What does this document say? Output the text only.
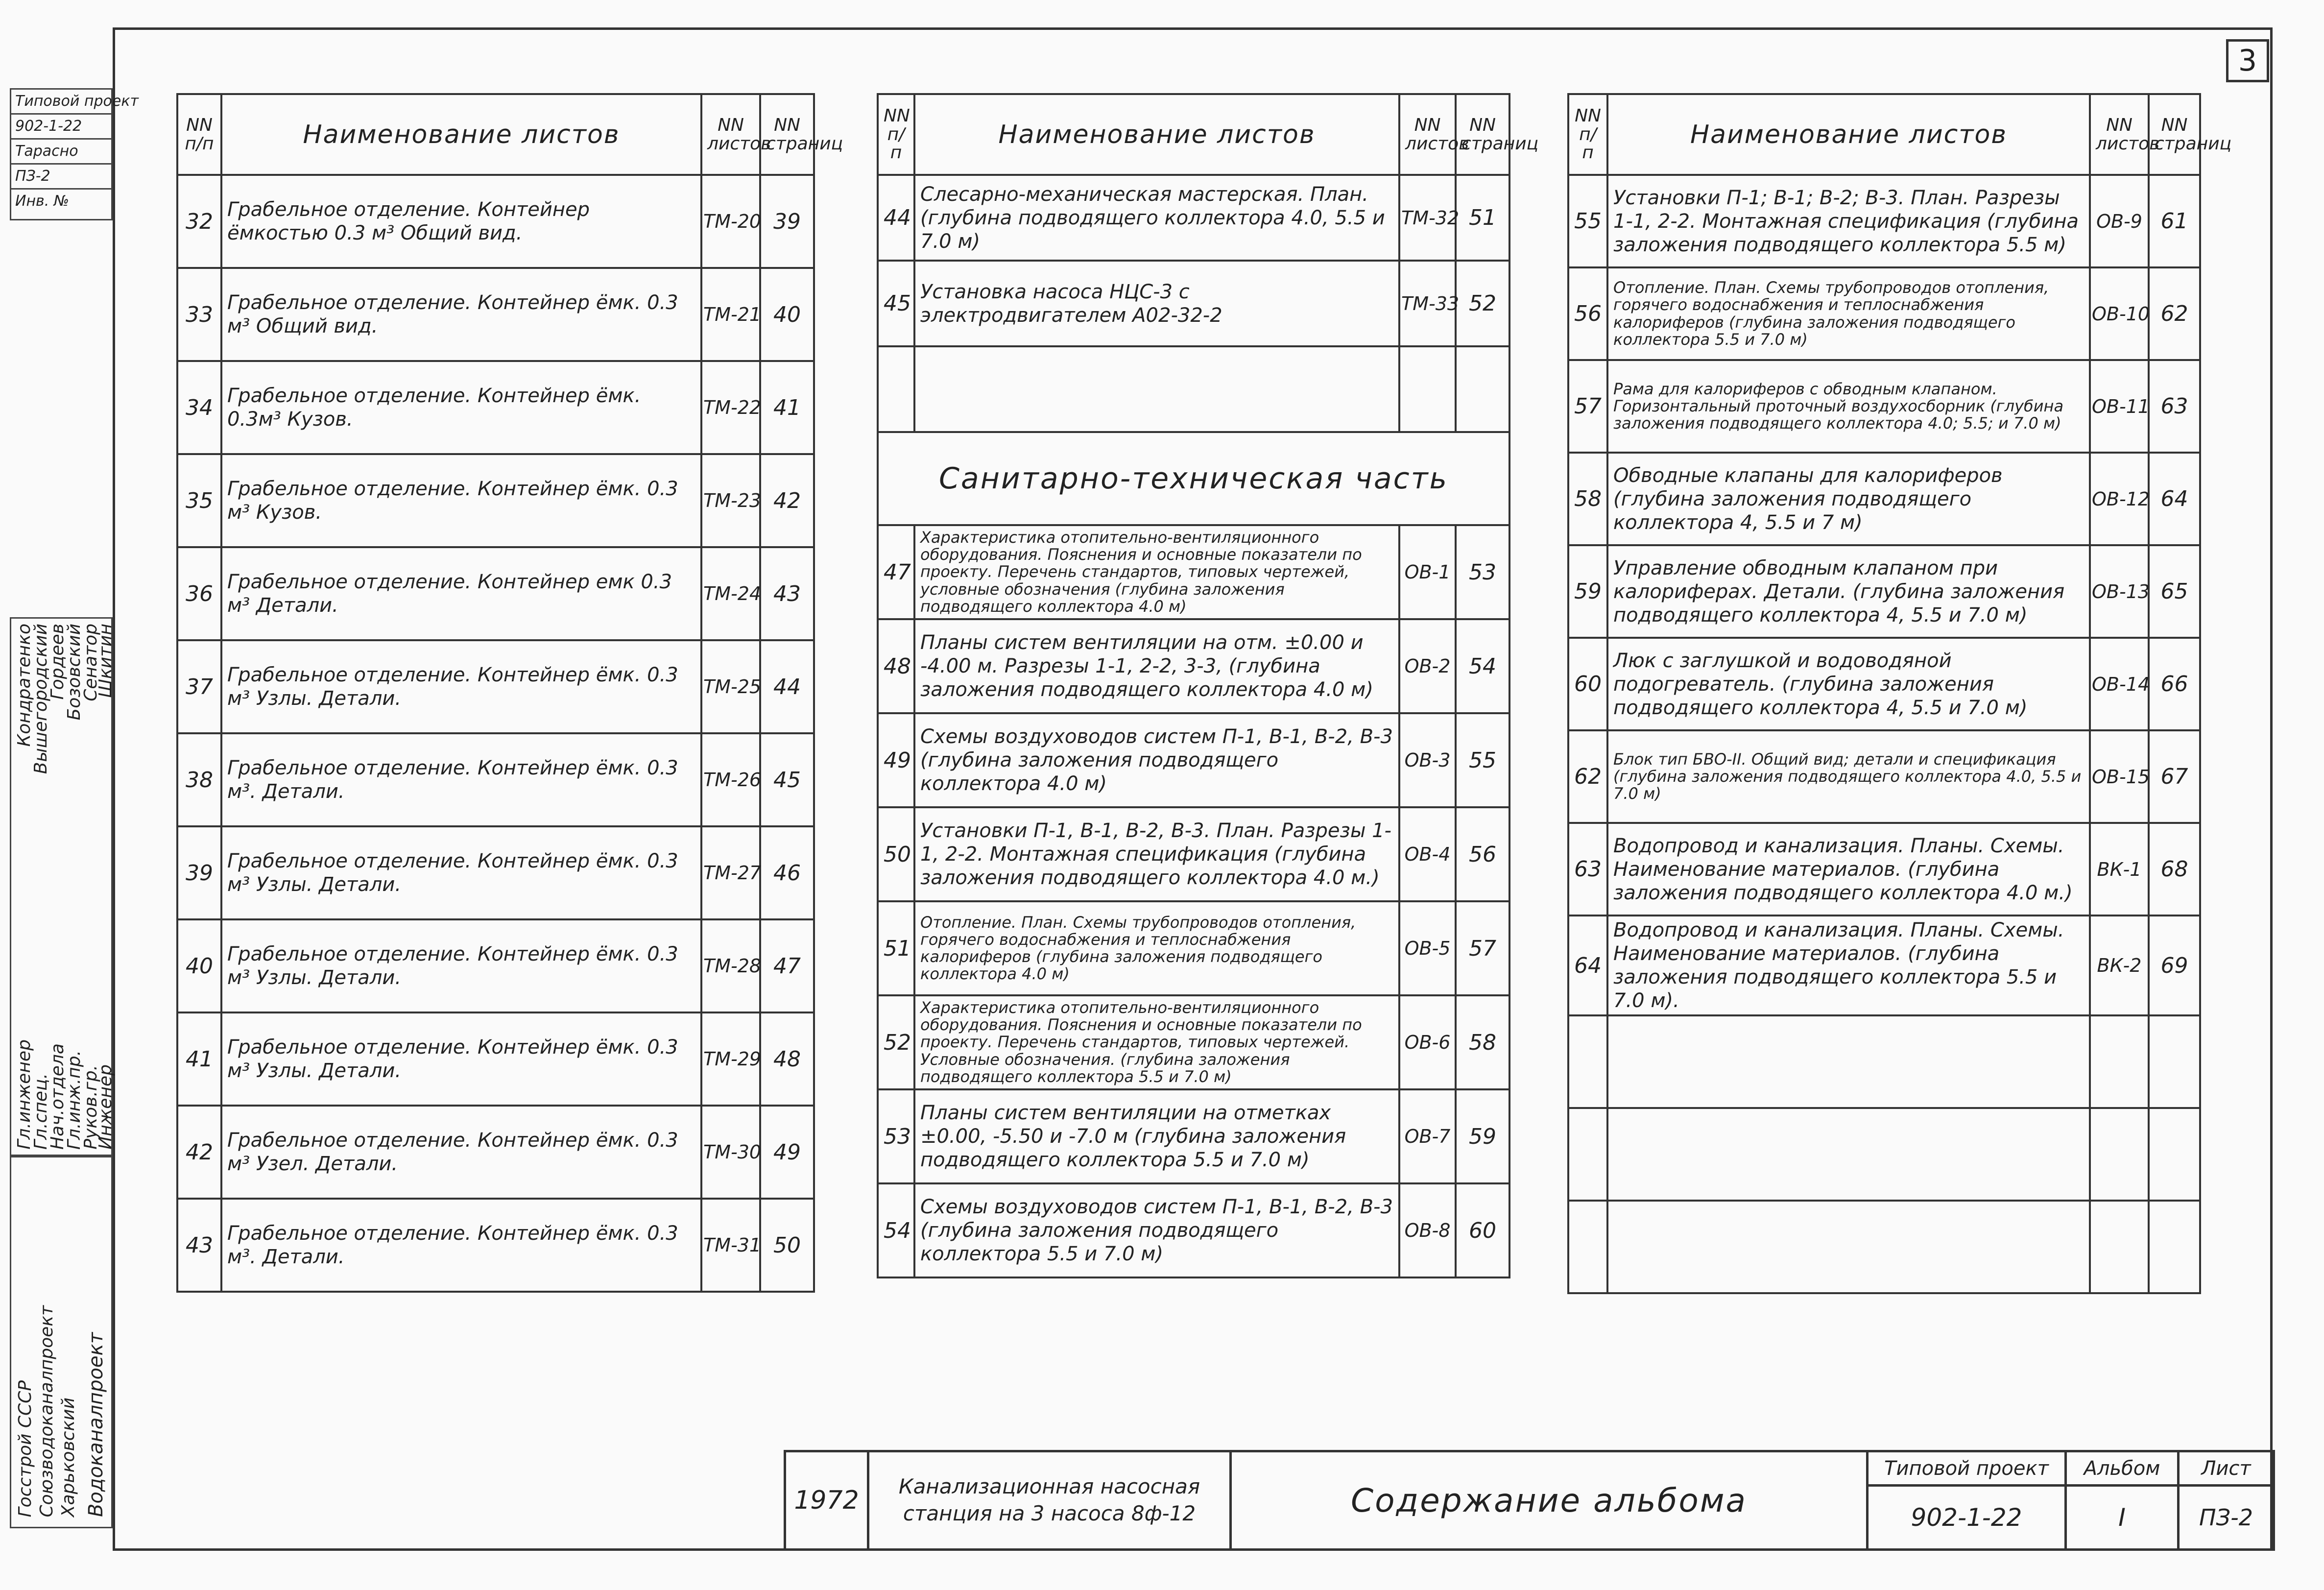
3
Типовой проект
902-1-22
Тарасно
ПЗ-2
Инв. №
Гл.инженер
Гл.спец.
Нач.отдела
Гл.инж.пр.
Руков.гр.
Инженер
Кондратенко
Вышегородский
Гордеев
Бозовский
Сенатор
Шкитин
Госстрой СССР Союзводоканалпроект Харьковский Водоканалпроект
NN п/п	Наименование листов	NN листов	NN страниц
32	Грабельное отделение. Контейнер ёмкостью 0.3 м³ Общий вид.	ТМ-20	39
33	Грабельное отделение. Контейнер ёмк. 0.3 м³ Общий вид.	ТМ-21	40
34	Грабельное отделение. Контейнер ёмк. 0.3м³ Кузов.	ТМ-22	41
35	Грабельное отделение. Контейнер ёмк. 0.3 м³ Кузов.	ТМ-23	42
36	Грабельное отделение. Контейнер емк 0.3 м³ Детали.	ТМ-24	43
37	Грабельное отделение. Контейнер ёмк. 0.3 м³ Узлы. Детали.	ТМ-25	44
38	Грабельное отделение. Контейнер ёмк. 0.3 м³. Детали.	ТМ-26	45
39	Грабельное отделение. Контейнер ёмк. 0.3 м³ Узлы. Детали.	ТМ-27	46
40	Грабельное отделение. Контейнер ёмк. 0.3 м³ Узлы. Детали.	ТМ-28	47
41	Грабельное отделение. Контейнер ёмк. 0.3 м³ Узлы. Детали.	ТМ-29	48
42	Грабельное отделение. Контейнер ёмк. 0.3 м³ Узел. Детали.	ТМ-30	49
43	Грабельное отделение. Контейнер ёмк. 0.3 м³. Детали.	ТМ-31	50
NN п/п	Наименование листов	NN листов	NN страниц
44	Слесарно-механическая мастерская. План. (глубина подводящего коллектора 4.0, 5.5 и 7.0 м)	ТМ-32	51
45	Установка насоса НЦС-3 с электродвигателем А02-32-2	ТМ-33	52

Санитарно-техническая часть			
47	Характеристика отопительно-вентиляционного оборудования. Пояснения и основные показатели по проекту. Перечень стандартов, типовых чертежей, условные обозначения (глубина заложения подводящего коллектора 4.0 м)	ОВ-1	53
48	Планы систем вентиляции на отм. ±0.00 и -4.00 м. Разрезы 1-1, 2-2, 3-3, (глубина заложения подводящего коллектора 4.0 м)	ОВ-2	54
49	Схемы воздуховодов систем П-1, В-1, В-2, В-3 (глубина заложения подводящего коллектора 4.0 м)	ОВ-3	55
50	Установки П-1, В-1, В-2, В-3. План. Разрезы 1-1, 2-2. Монтажная спецификация (глубина заложения подводящего коллектора 4.0 м.)	ОВ-4	56
51	Отопление. План. Схемы трубопроводов отопления, горячего водоснабжения и теплоснабжения калориферов (глубина заложения подводящего коллектора 4.0 м)	ОВ-5	57
52	Характеристика отопительно-вентиляционного оборудования. Пояснения и основные показатели по проекту. Перечень стандартов, типовых чертежей. Условные обозначения. (глубина заложения подводящего коллектора 5.5 и 7.0 м)	ОВ-6	58
53	Планы систем вентиляции на отметках ±0.00, -5.50 и -7.0 м (глубина заложения подводящего коллектора 5.5 и 7.0 м)	ОВ-7	59
54	Схемы воздуховодов систем П-1, В-1, В-2, В-3 (глубина заложения подводящего коллектора 5.5 и 7.0 м)	ОВ-8	60
NN п/п	Наименование листов	NN листов	NN страниц
55	Установки П-1; В-1; В-2; В-3. План. Разрезы 1-1, 2-2. Монтажная спецификация (глубина заложения подводящего коллектора 5.5 м)	ОВ-9	61
56	Отопление. План. Схемы трубопроводов отопления, горячего водоснабжения и теплоснабжения калориферов (глубина заложения подводящего коллектора 5.5 и 7.0 м)	ОВ-10	62
57	Рама для калориферов с обводным клапаном. Горизонтальный проточный воздухосборник (глубина заложения подводящего коллектора 4.0; 5.5; и 7.0 м)	ОВ-11	63
58	Обводные клапаны для калориферов (глубина заложения подводящего коллектора 4, 5.5 и 7 м)	ОВ-12	64
59	Управление обводным клапаном при калориферах. Детали. (глубина заложения подводящего коллектора 4, 5.5 и 7.0 м)	ОВ-13	65
60	Люк с заглушкой и водоводяной подогреватель. (глубина заложения подводящего коллектора 4, 5.5 и 7.0 м)	ОВ-14	66
62	Блок тип БВО-II. Общий вид; детали и спецификация (глубина заложения подводящего коллектора 4.0, 5.5 и 7.0 м)	ОВ-15	67
63	Водопровод и канализация. Планы. Схемы. Наименование материалов. (глубина заложения подводящего коллектора 4.0 м.)	ВК-1	68
64	Водопровод и канализация. Планы. Схемы. Наименование материалов. (глубина заложения подводящего коллектора 5.5 и 7.0 м).	ВК-2	69

1972	Канализационная насосная станция на 3 насоса 8ф-12	Содержание альбома	Типовой проект	Альбом	Лист
			902-1-22	I	ПЗ-2
